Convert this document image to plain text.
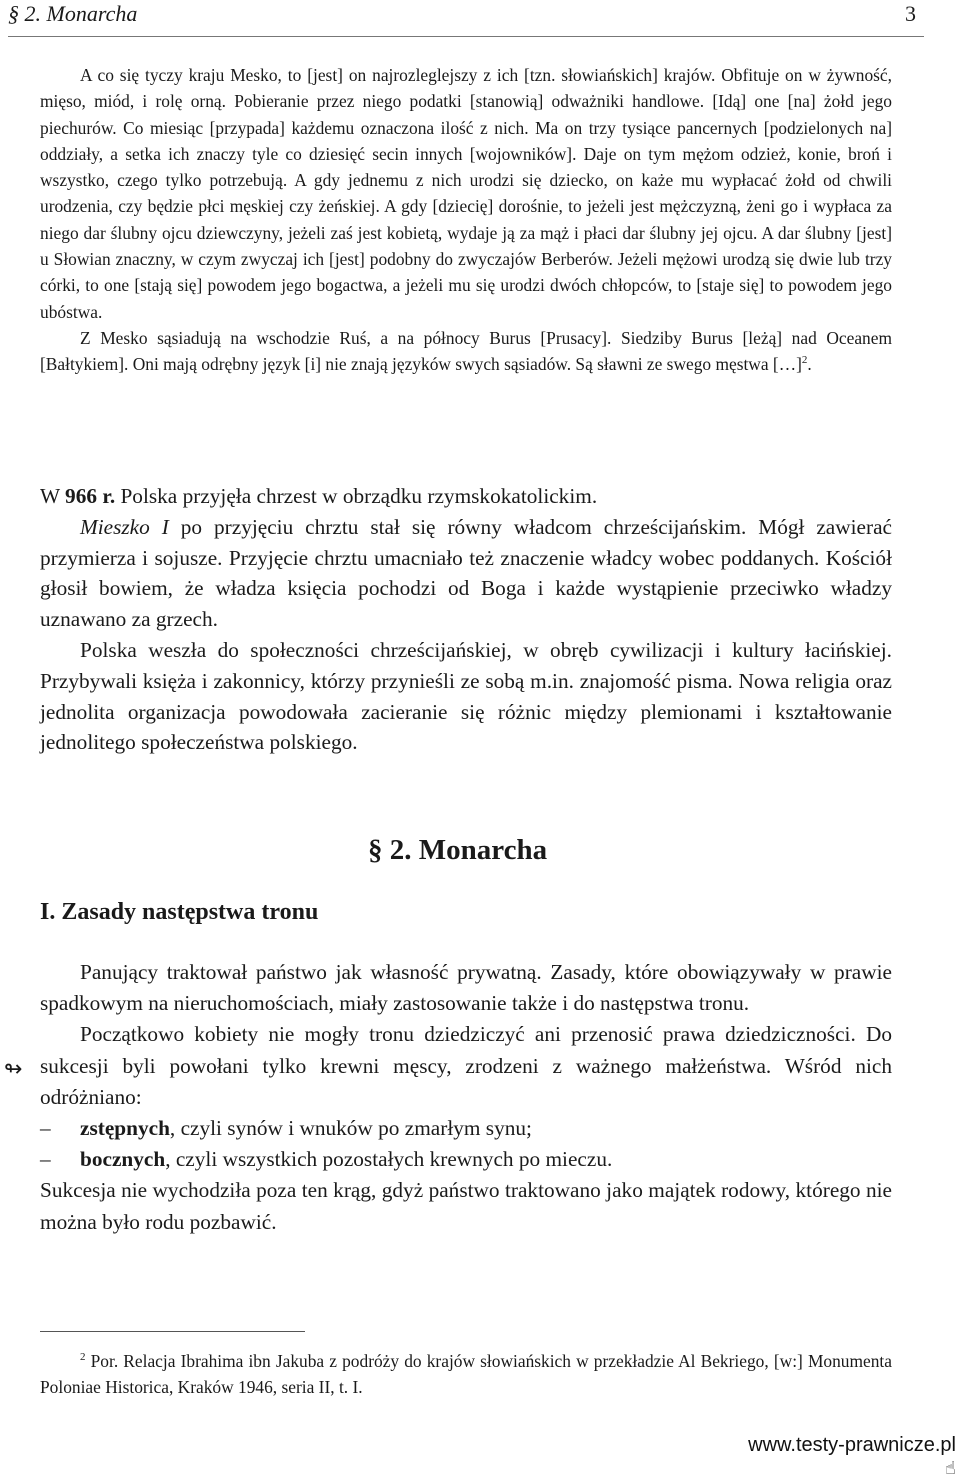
§ 2. Monarcha	3

A co się tyczy kraju Mesko, to [jest] on najrozleglejszy z ich [tzn. słowiańskich] krajów. Obfituje on w żywność, mięso, miód, i rolę orną. Pobieranie przez niego podatki [stanowią] odważniki handlowe. [Idą] one [na] żołd jego piechurów. Co miesiąc [przypada] każdemu oznaczona ilość z nich. Ma on trzy tysiące pancernych [podzielonych na] oddziały, a setka ich znaczy tyle co dziesięć secin innych [wojowników]. Daje on tym mężom odzież, konie, broń i wszystko, czego tylko potrzebują. A gdy jednemu z nich urodzi się dziecko, on każe mu wypłacać żołd od chwili urodzenia, czy będzie płci męskiej czy żeńskiej. A gdy [dziecię] dorośnie, to jeżeli jest mężczyzną, żeni go i wypłaca za niego dar ślubny ojcu dziewczyny, jeżeli zaś jest kobietą, wydaje ją za mąż i płaci dar ślubny jej ojcu. A dar ślubny [jest] u Słowian znaczny, w czym zwyczaj ich [jest] podobny do zwyczajów Berberów. Jeżeli mężowi urodzą się dwie lub trzy córki, to one [stają się] powodem jego bogactwa, a jeżeli mu się urodzi dwóch chłopców, to [staje się] to powodem jego ubóstwa.

Z Mesko sąsiadują na wschodzie Ruś, a na północy Burus [Prusacy]. Siedziby Burus [leżą] nad Oceanem [Bałtykiem]. Oni mają odrębny język [i] nie znają języków swych sąsiadów. Są sławni ze swego męstwa […]$^2$.

W 966 r. Polska przyjęła chrzest w obrządku rzymskokatolickim.

Mieszko I po przyjęciu chrztu stał się równy władcom chrześcijańskim. Mógł zawierać przymierza i sojusze. Przyjęcie chrztu umacniało też znaczenie władcy wobec poddanych. Kościół głosił bowiem, że władza księcia pochodzi od Boga i każde wystąpienie przeciwko władzy uznawano za grzech.

Polska weszła do społeczności chrześcijańskiej, w obręb cywilizacji i kultury łacińskiej. Przybywali księża i zakonnicy, którzy przynieśli ze sobą m.in. znajomość pisma. Nowa religia oraz jednolita organizacja powodowała zacieranie się różnic między plemionami i kształtowanie jednolitego społeczeństwa polskiego.

§ 2. Monarcha
I. Zasady następstwa tronu
↬

Panujący traktował państwo jak własność prywatną. Zasady, które obowiązywały w prawie spadkowym na nieruchomościach, miały zastosowanie także i do następstwa tronu.

Początkowo kobiety nie mogły tronu dziedziczyć ani przenosić prawa dziedziczności. Do sukcesji byli powołani tylko krewni męscy, zrodzeni z ważnego małżeństwa. Wśród nich odróżniano:

–	zstępnych, czyli synów i wnuków po zmarłym synu;
–	bocznych, czyli wszystkich pozostałych krewnych po mieczu.

Sukcesja nie wychodziła poza ten krąg, gdyż państwo traktowano jako majątek rodowy, którego nie można było rodu pozbawić.

$^2$ Por. Relacja Ibrahima ibn Jakuba z podróży do krajów słowiańskich w przekładzie Al Bekriego, [w:] Monumenta Poloniae Historica, Kraków 1946, seria II, t. I.

www.testy-prawnicze.pl
☝
